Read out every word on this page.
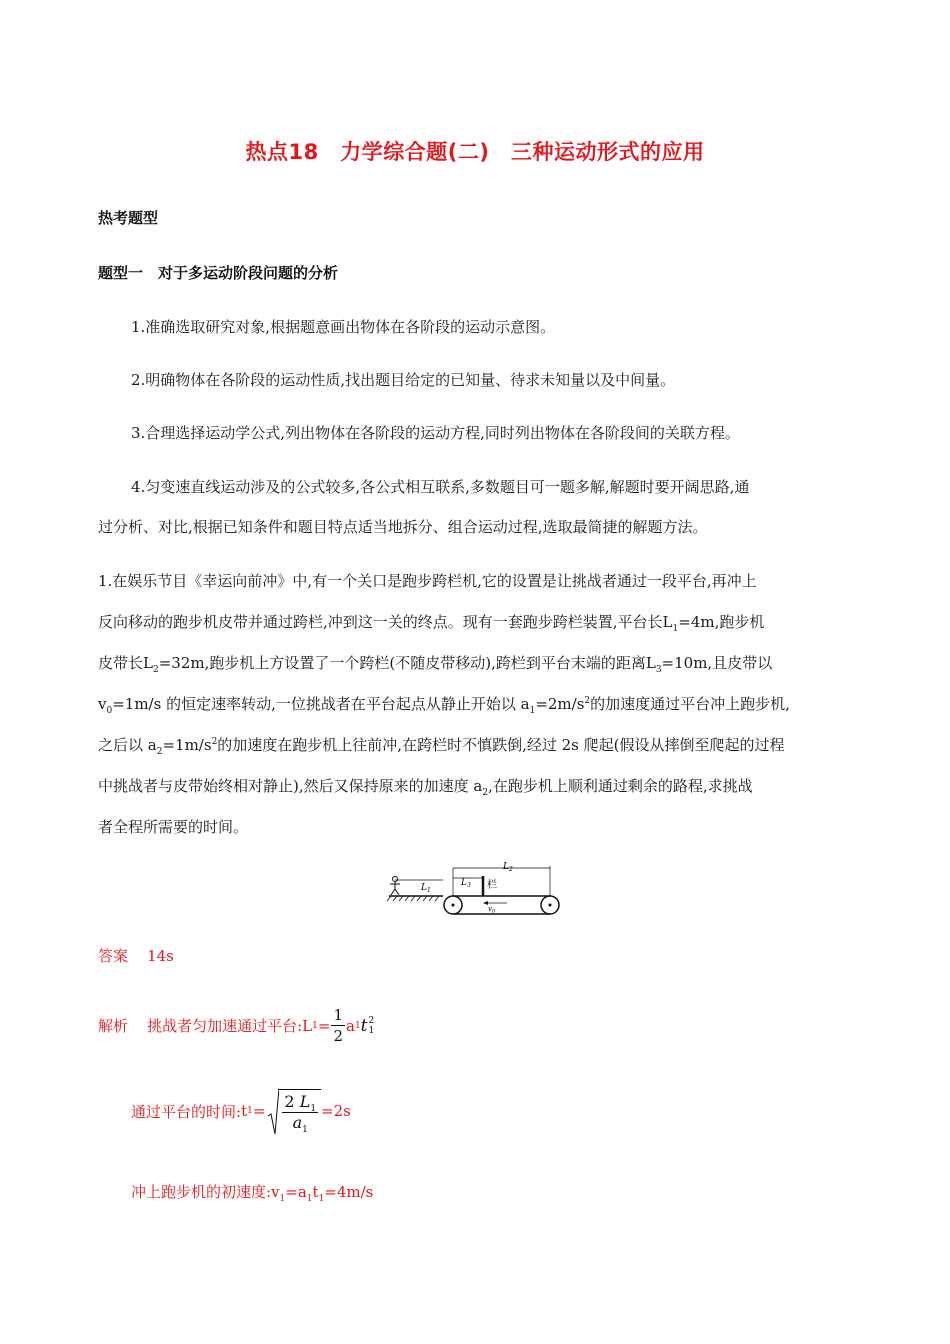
热点18　力学综合题(二)　三种运动形式的应用
热考题型
题型一　对于多运动阶段问题的分析
1.准确选取研究对象,根据题意画出物体在各阶段的运动示意图。
2.明确物体在各阶段的运动性质,找出题目给定的已知量、待求未知量以及中间量。
3.合理选择运动学公式,列出物体在各阶段的运动方程,同时列出物体在各阶段间的关联方程。
4.匀变速直线运动涉及的公式较多,各公式相互联系,多数题目可一题多解,解题时要开阔思路,通
过分析、对比,根据已知条件和题目特点适当地拆分、组合运动过程,选取最简捷的解题方法。
1.在娱乐节目《幸运向前冲》中,有一个关口是跑步跨栏机,它的设置是让挑战者通过一段平台,再冲上
反向移动的跑步机皮带并通过跨栏,冲到这一关的终点。现有一套跑步跨栏装置,平台长$L_1=4m$,跑步机
皮带长$L_2=32m$,跑步机上方设置了一个跨栏(不随皮带移动),跨栏到平台末端的距离$L_3=10m$,且皮带以
$v_0=1m/s$ 的恒定速率转动,一位挑战者在平台起点从静止开始以 $a_1=2m/s^2$的加速度通过平台冲上跑步机,
之后以 $a_2=1m/s^2$的加速度在跑步机上往前冲,在跨栏时不慎跌倒,经过 2s 爬起(假设从摔倒至爬起的过程
中挑战者与皮带始终相对静止),然后又保持原来的加速度 $a_2$,在跑步机上顺利通过剩余的路程,求挑战
者全程所需要的时间。
$L_1$
$v_0$
$L_2$
$L_3$ 栏
答案 14s
解析
挑战者匀加速通过平台: L $1 = \frac{1}{2}$ a 1 t 2
1
通过平台的时间: t $1 = \frac{2 L_1}{a_1} =2s$
冲上跑步机的初速度$:v_1=a_1t_1=4m/s$
